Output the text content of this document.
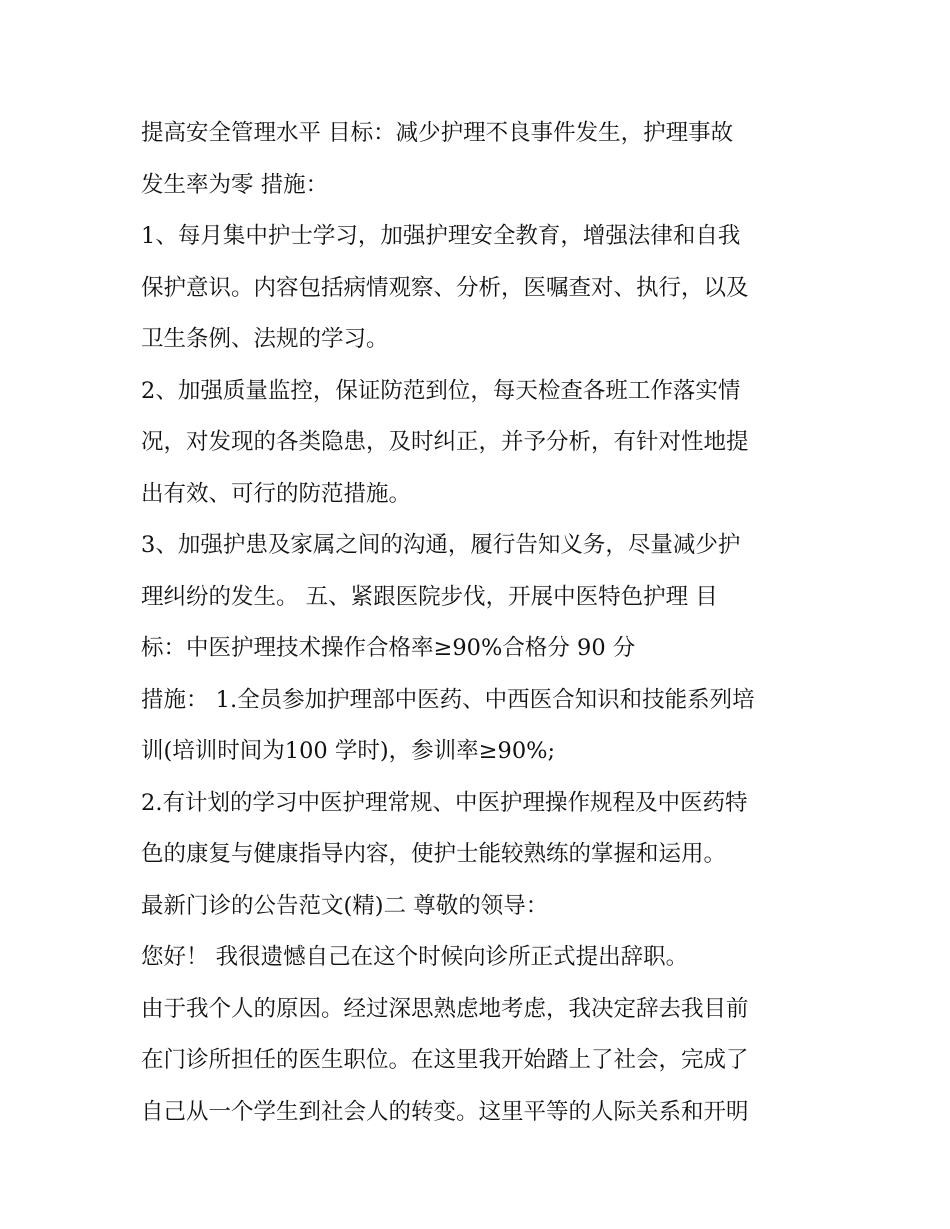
提高安全管理水平 目标：减少护理不良事件发生，护理事故
发生率为零 措施：
1、每月集中护士学习，加强护理安全教育，增强法律和自我
保护意识。内容包括病情观察、分析，医嘱查对、执行，以及
卫生条例、法规的学习。
2、加强质量监控，保证防范到位，每天检查各班工作落实情
况，对发现的各类隐患，及时纠正，并予分析，有针对性地提
出有效、可行的防范措施。
3、加强护患及家属之间的沟通，履行告知义务，尽量减少护
理纠纷的发生。 五、紧跟医院步伐，开展中医特色护理 目
标：中医护理技术操作合格率≥90%合格分 90 分
措施： 1.全员参加护理部中医药、中西医合知识和技能系列培
训(培训时间为100 学时)，参训率≥90%;
2.有计划的学习中医护理常规、中医护理操作规程及中医药特
色的康复与健康指导内容，使护士能较熟练的掌握和运用。
最新门诊的公告范文(精)二 尊敬的领导：
您好！ 我很遗憾自己在这个时候向诊所正式提出辞职。
由于我个人的原因。经过深思熟虑地考虑，我决定辞去我目前
在门诊所担任的医生职位。在这里我开始踏上了社会，完成了
自己从一个学生到社会人的转变。这里平等的人际关系和开明
